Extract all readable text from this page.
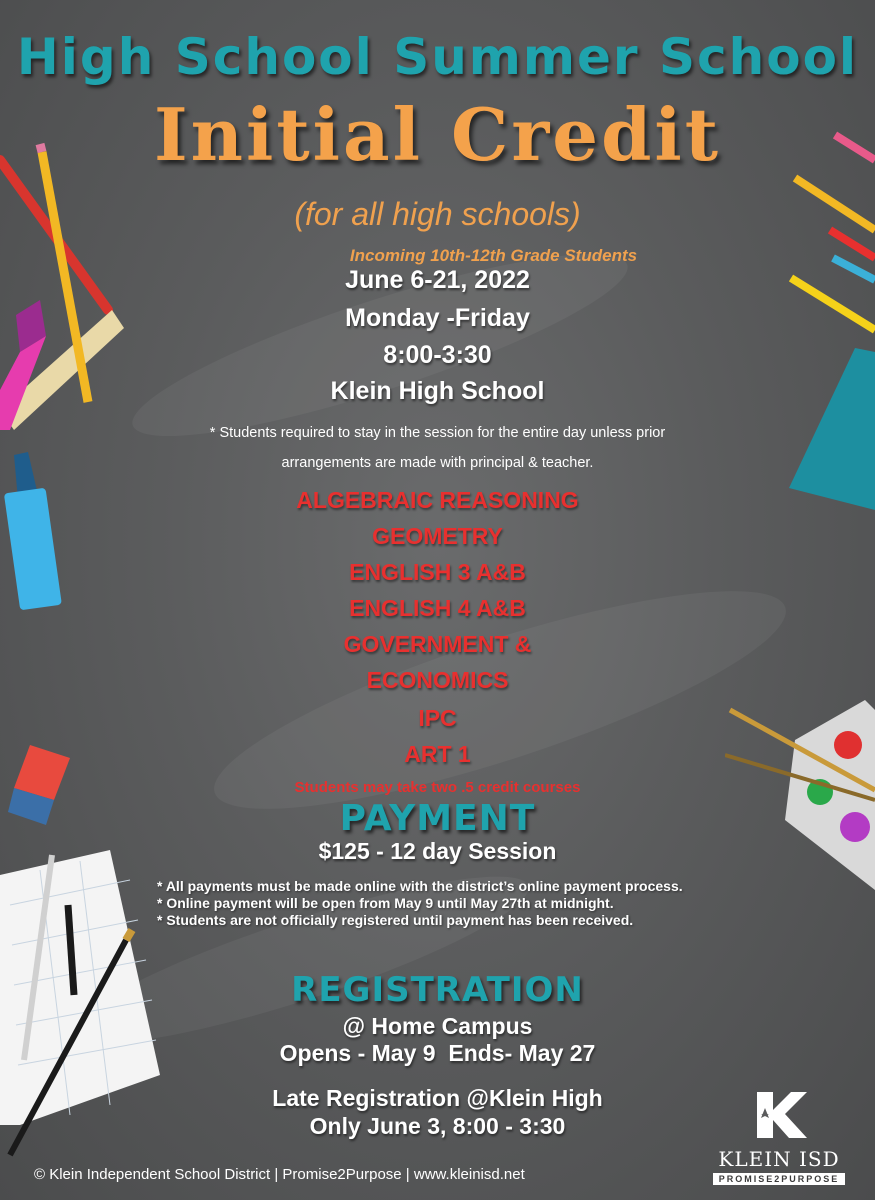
High School Summer School
Initial Credit
(for all high schools)
Incoming 10th-12th Grade Students
June 6-21, 2022
Monday -Friday
8:00-3:30
Klein High School
* Students required to stay in the session for the entire day unless prior
arrangements are made with principal & teacher.
ALGEBRAIC REASONING
GEOMETRY
ENGLISH 3 A&B
ENGLISH 4 A&B
GOVERNMENT &
ECONOMICS
IPC
ART 1
Students may take two .5 credit courses
PAYMENT
$125 - 12 day Session
* All payments must be made online with the district’s online payment process.
* Online payment will be open from May 9 until May 27th at midnight.
* Students are not officially registered until payment has been received.
REGISTRATION
@ Home Campus
Opens - May 9  Ends- May 27
Late Registration @Klein High
Only June 3, 8:00 - 3:30
© Klein Independent School District | Promise2Purpose | www.kleinisd.net
KLEIN ISD
PROMISE2PURPOSE
